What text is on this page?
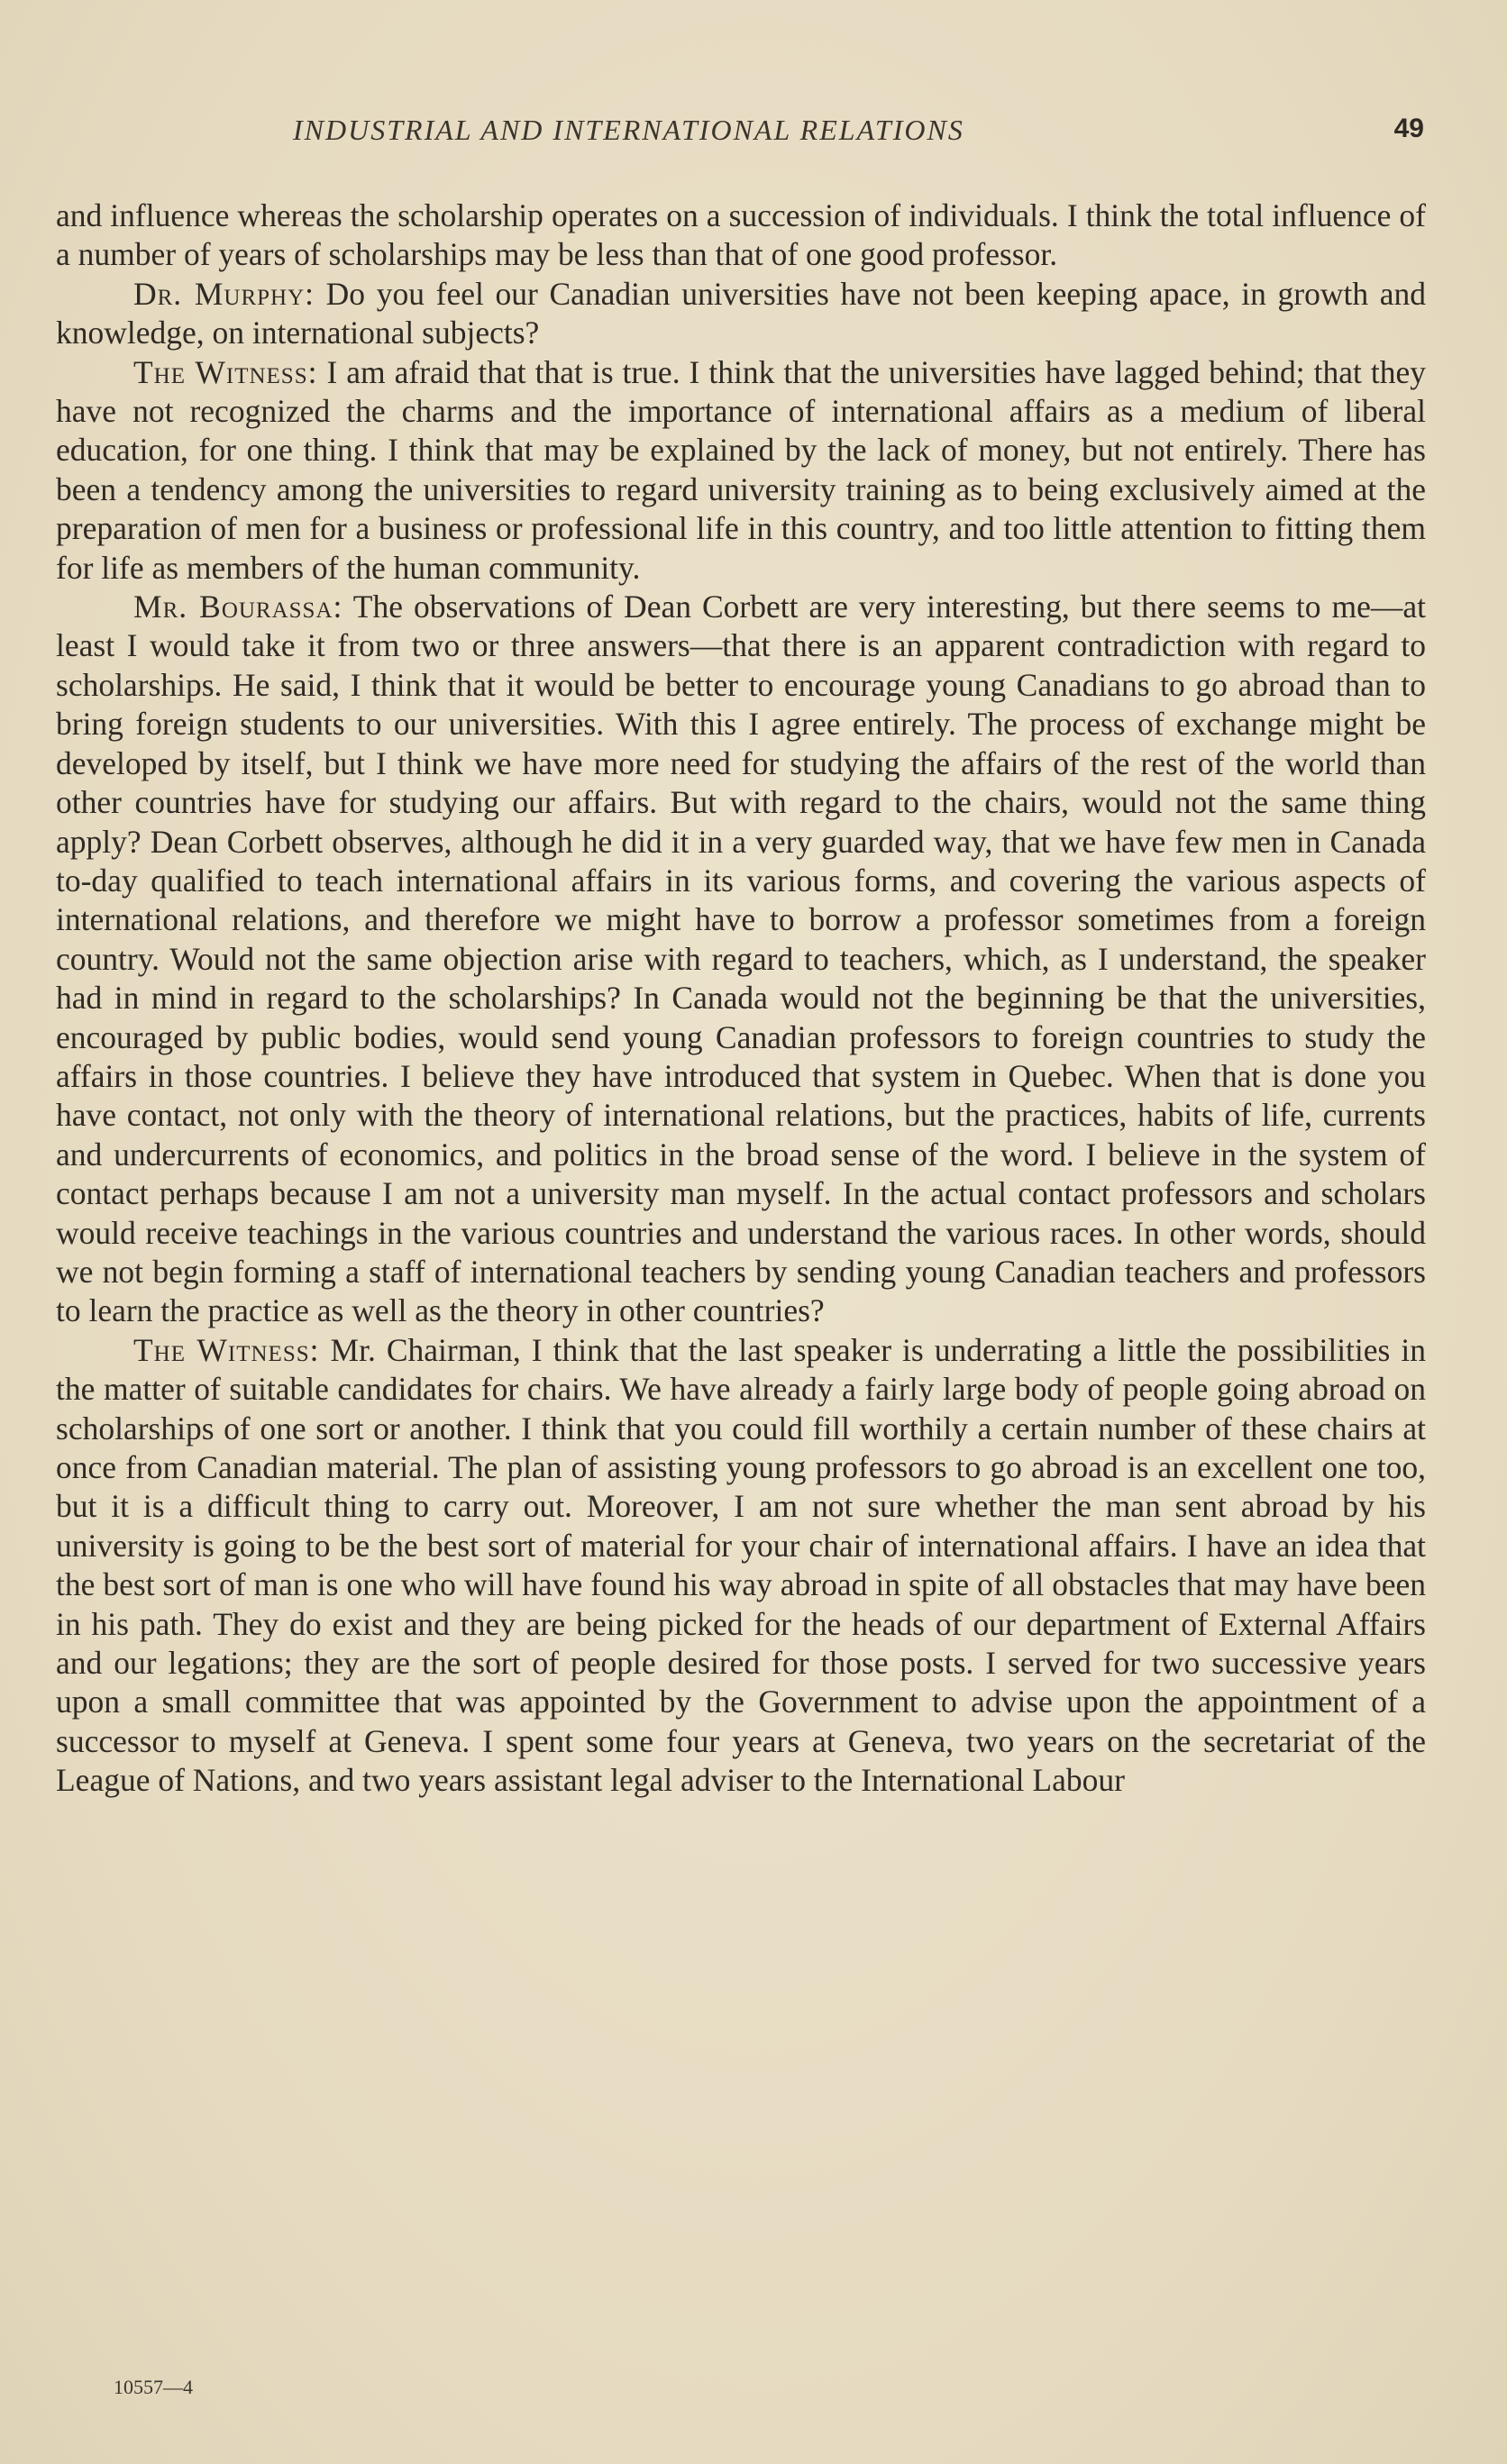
INDUSTRIAL AND INTERNATIONAL RELATIONS	49

and influence whereas the scholarship operates on a succession of individuals. I think the total influence of a number of years of scholarships may be less than that of one good professor.

Dr. Murphy: Do you feel our Canadian universities have not been keeping apace, in growth and knowledge, on international subjects?

The Witness: I am afraid that that is true. I think that the universities have lagged behind; that they have not recognized the charms and the importance of international affairs as a medium of liberal education, for one thing. I think that may be explained by the lack of money, but not entirely. There has been a tendency among the universities to regard university training as to being exclusively aimed at the preparation of men for a business or professional life in this country, and too little attention to fitting them for life as members of the human community.

Mr. Bourassa: The observations of Dean Corbett are very interesting, but there seems to me—at least I would take it from two or three answers—that there is an apparent contradiction with regard to scholarships. He said, I think that it would be better to encourage young Canadians to go abroad than to bring foreign students to our universities. With this I agree entirely. The process of exchange might be developed by itself, but I think we have more need for studying the affairs of the rest of the world than other countries have for studying our affairs. But with regard to the chairs, would not the same thing apply? Dean Corbett observes, although he did it in a very guarded way, that we have few men in Canada to-day qualified to teach international affairs in its various forms, and covering the various aspects of international relations, and therefore we might have to borrow a professor sometimes from a foreign country. Would not the same objection arise with regard to teachers, which, as I understand, the speaker had in mind in regard to the scholarships? In Canada would not the beginning be that the universities, encouraged by public bodies, would send young Canadian professors to foreign countries to study the affairs in those countries. I believe they have introduced that system in Quebec. When that is done you have contact, not only with the theory of international relations, but the practices, habits of life, currents and undercurrents of economics, and politics in the broad sense of the word. I believe in the system of contact perhaps because I am not a university man myself. In the actual contact professors and scholars would receive teachings in the various countries and understand the various races. In other words, should we not begin forming a staff of international teachers by sending young Canadian teachers and professors to learn the practice as well as the theory in other countries?

The Witness: Mr. Chairman, I think that the last speaker is underrating a little the possibilities in the matter of suitable candidates for chairs. We have already a fairly large body of people going abroad on scholarships of one sort or another. I think that you could fill worthily a certain number of these chairs at once from Canadian material. The plan of assisting young professors to go abroad is an excellent one too, but it is a difficult thing to carry out. Moreover, I am not sure whether the man sent abroad by his university is going to be the best sort of material for your chair of international affairs. I have an idea that the best sort of man is one who will have found his way abroad in spite of all obstacles that may have been in his path. They do exist and they are being picked for the heads of our department of External Affairs and our legations; they are the sort of people desired for those posts. I served for two successive years upon a small committee that was appointed by the Government to advise upon the appointment of a successor to myself at Geneva. I spent some four years at Geneva, two years on the secretariat of the League of Nations, and two years assistant legal adviser to the International Labour

10557—4
